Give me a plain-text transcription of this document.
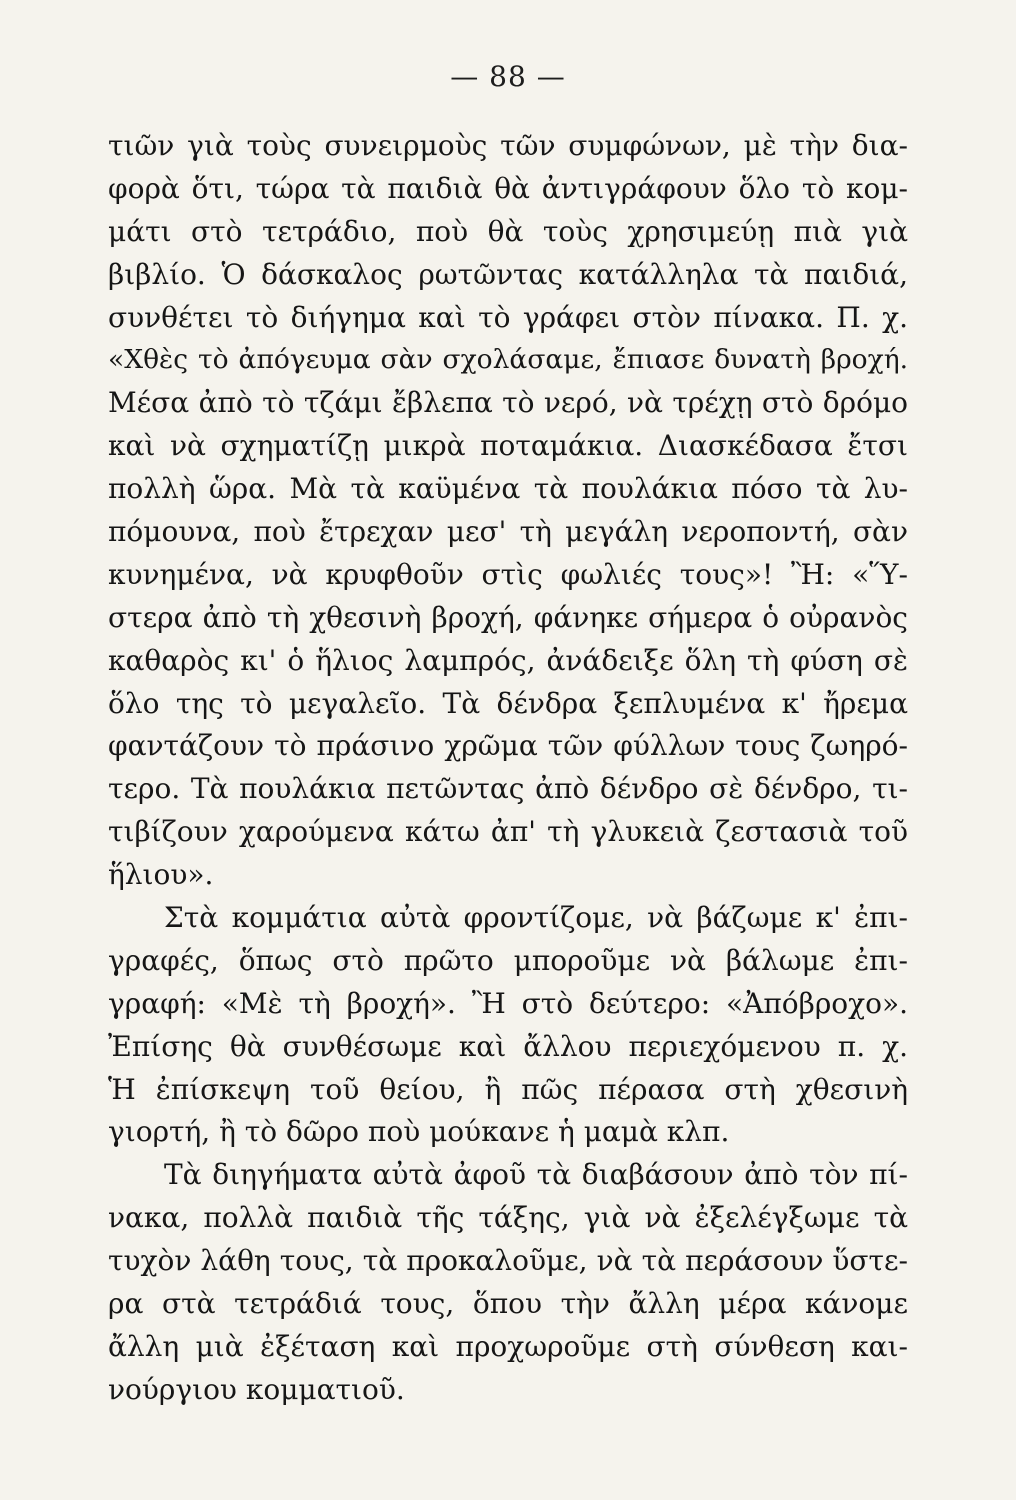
— 88 —
τιῶν γιὰ τοὺς συνειρμοὺς τῶν συμφώνων, μὲ τὴν δια-
φορὰ ὅτι, τώρα τὰ παιδιὰ θὰ ἀντιγράφουν ὅλο τὸ κομ-
μάτι στὸ τετράδιο, ποὺ θὰ τοὺς χρησιμεύῃ πιὰ γιὰ
βιβλίο. Ὁ δάσκαλος ρωτῶντας κατάλληλα τὰ παιδιά,
συνθέτει τὸ διήγημα καὶ τὸ γράφει στὸν πίνακα. Π. χ.
«Χθὲς τὸ ἀπόγευμα σὰν σχολάσαμε, ἔπιασε δυνατὴ βροχή.
Μέσα ἀπὸ τὸ τζάμι ἔβλεπα τὸ νερό, νὰ τρέχῃ στὸ δρόμο
καὶ νὰ σχηματίζῃ μικρὰ ποταμάκια. Διασκέδασα ἔτσι
πολλὴ ὥρα. Μὰ τὰ καϋμένα τὰ πουλάκια πόσο τὰ λυ-
πόμουνα, ποὺ ἔτρεχαν μεσ' τὴ μεγάλη νεροποντή, σὰν
κυνημένα, νὰ κρυφθοῦν στὶς φωλιές τους»! Ἢ: «Ὕ-
στερα ἀπὸ τὴ χθεσινὴ βροχή, φάνηκε σήμερα ὁ οὐρανὸς
καθαρὸς κι' ὁ ἥλιος λαμπρός, ἀνάδειξε ὅλη τὴ φύση σὲ
ὅλο της τὸ μεγαλεῖο. Τὰ δένδρα ξεπλυμένα κ' ἤρεμα
φαντάζουν τὸ πράσινο χρῶμα τῶν φύλλων τους ζωηρό-
τερο. Τὰ πουλάκια πετῶντας ἀπὸ δένδρο σὲ δένδρο, τι-
τιβίζουν χαρούμενα κάτω ἀπ' τὴ γλυκειὰ ζεστασιὰ τοῦ
ἥλιου».
Στὰ κομμάτια αὐτὰ φροντίζομε, νὰ βάζωμε κ' ἐπι-
γραφές, ὅπως στὸ πρῶτο μποροῦμε νὰ βάλωμε ἐπι-
γραφή: «Μὲ τὴ βροχή». Ἢ στὸ δεύτερο: «Ἀπόβροχο».
Ἐπίσης θὰ συνθέσωμε καὶ ἄλλου περιεχόμενου π. χ.
Ἡ ἐπίσκεψη τοῦ θείου, ἢ πῶς πέρασα στὴ χθεσινὴ
γιορτή, ἢ τὸ δῶρο ποὺ μούκανε ἡ μαμὰ κλπ.
Τὰ διηγήματα αὐτὰ ἀφοῦ τὰ διαβάσουν ἀπὸ τὸν πί-
νακα, πολλὰ παιδιὰ τῆς τάξης, γιὰ νὰ ἐξελέγξωμε τὰ
τυχὸν λάθη τους, τὰ προκαλοῦμε, νὰ τὰ περάσουν ὕστε-
ρα στὰ τετράδιά τους, ὅπου τὴν ἄλλη μέρα κάνομε
ἄλλη μιὰ ἐξέταση καὶ προχωροῦμε στὴ σύνθεση και-
νούργιου κομματιοῦ.
